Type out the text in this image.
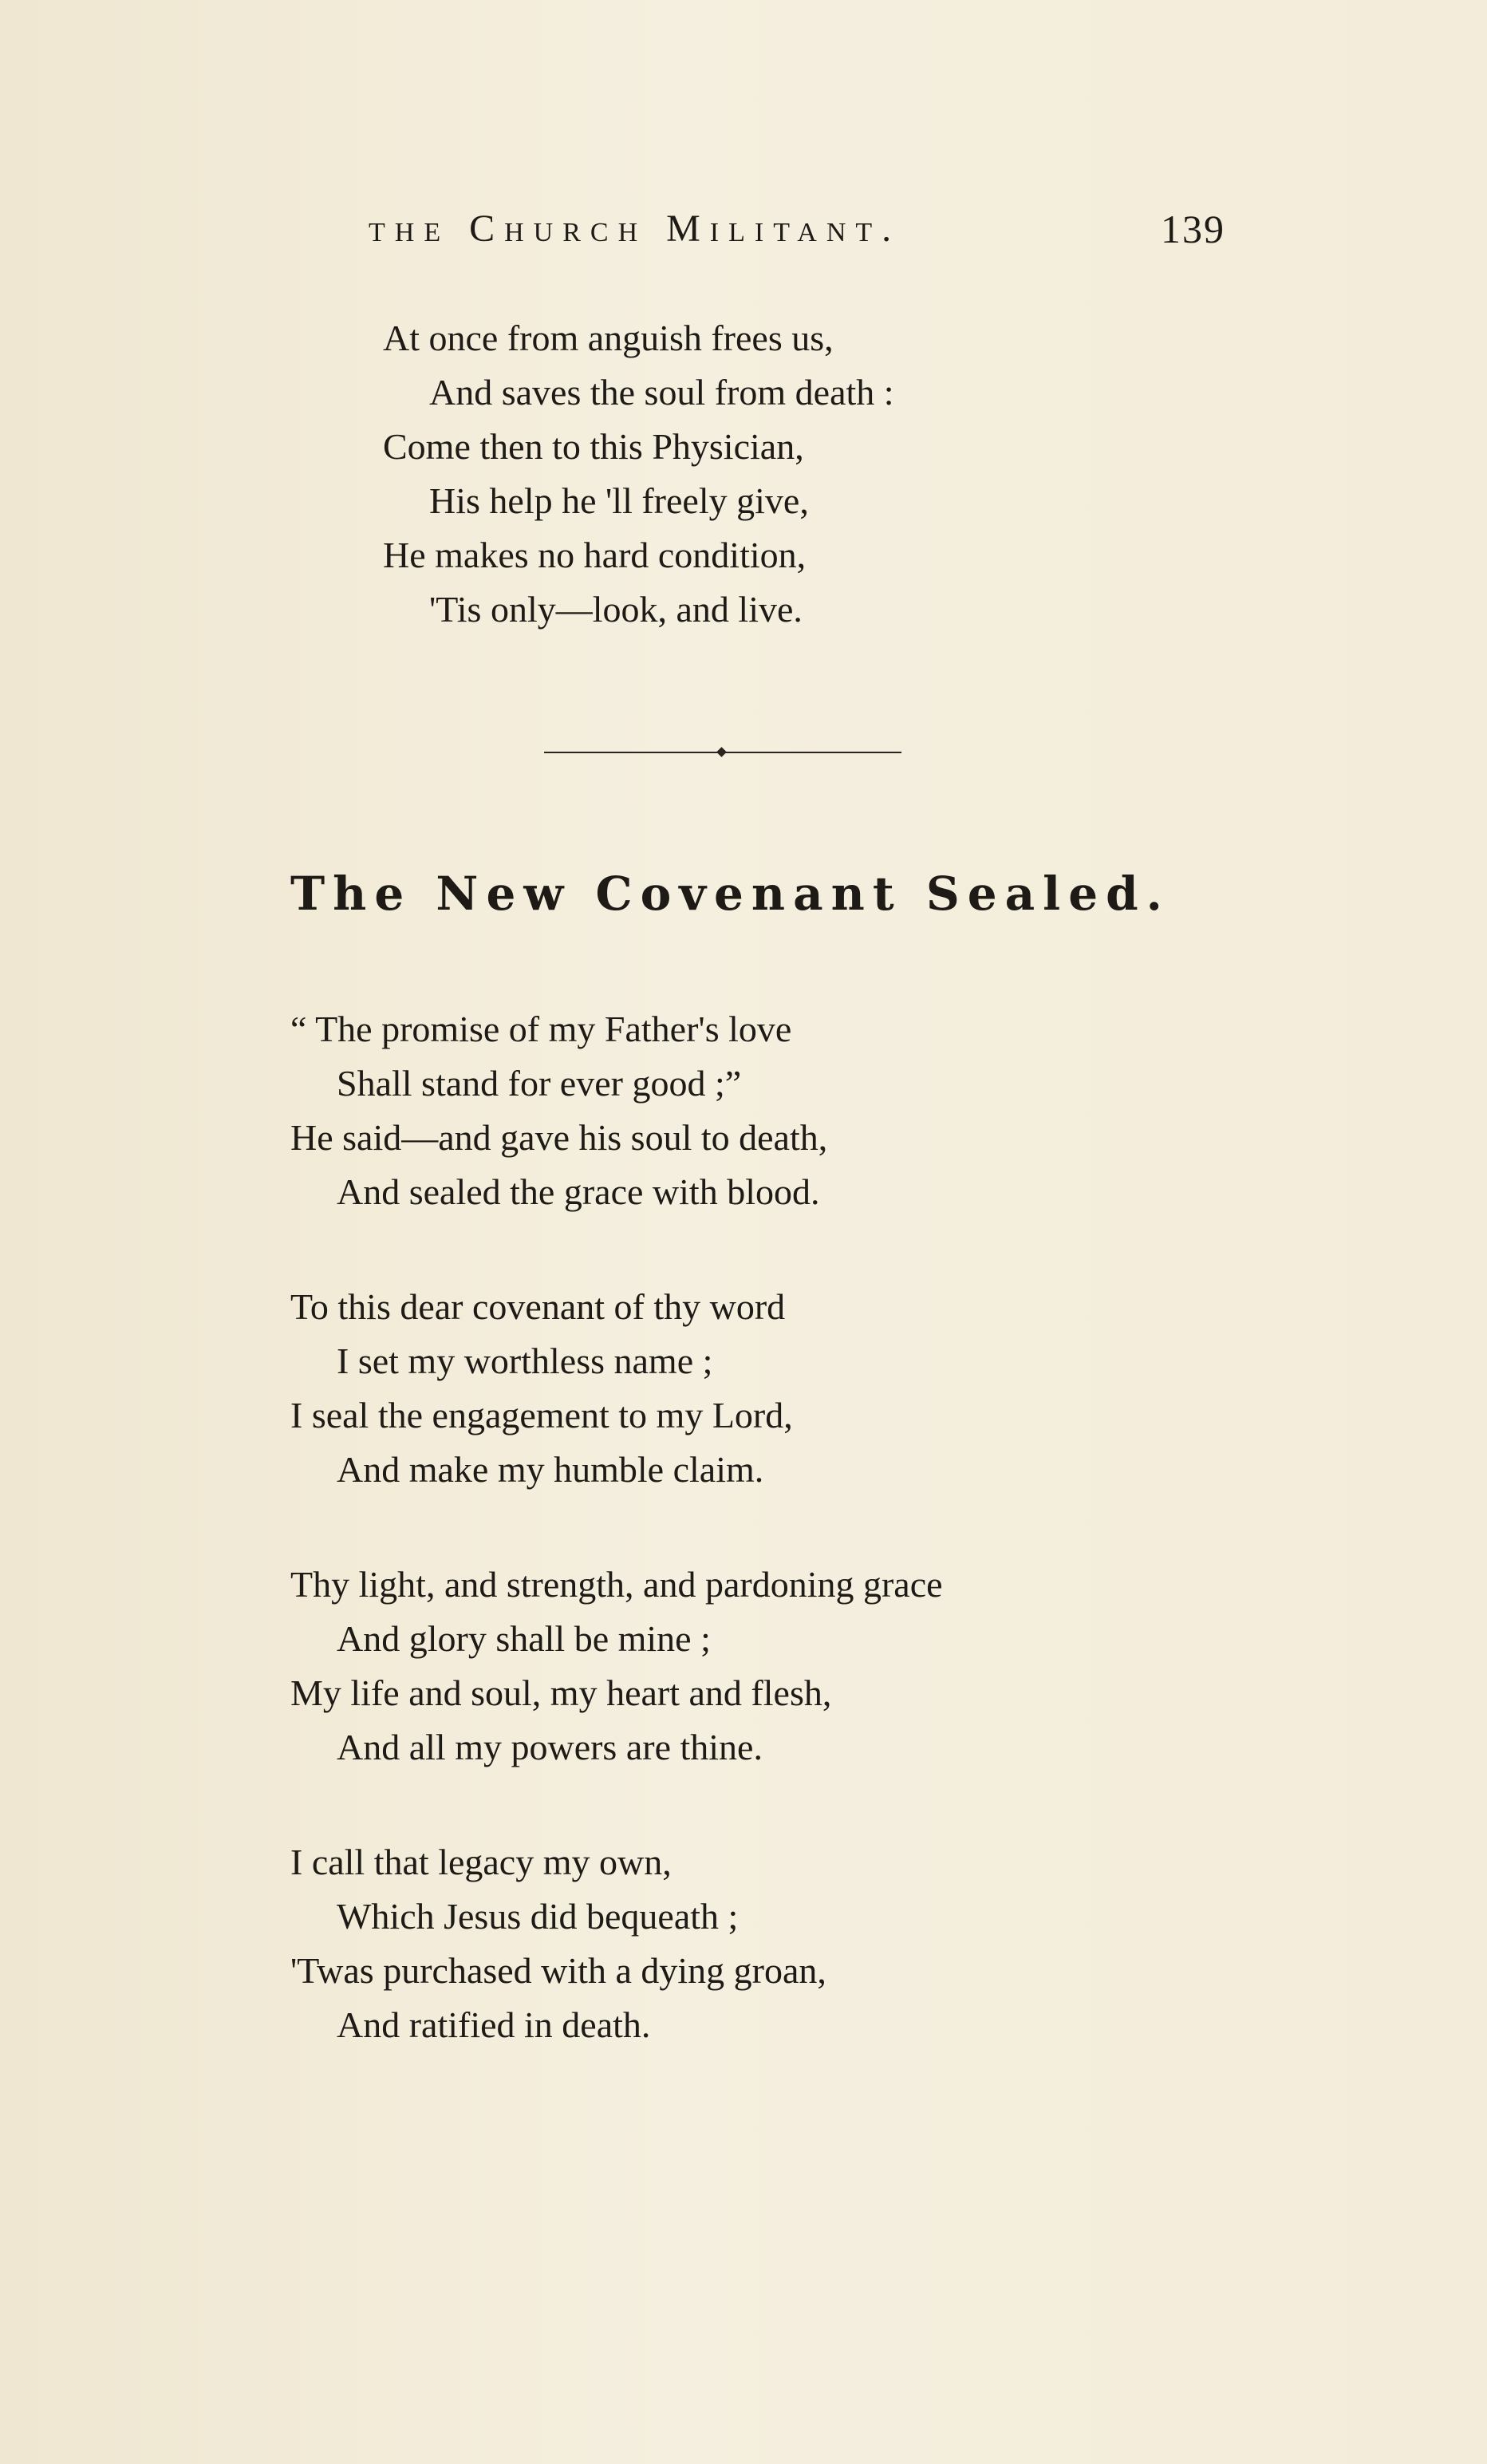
the Church Militant.	139
At once from anguish frees us,
And saves the soul from death :
Come then to this Physician,
His help he 'll freely give,
He makes no hard condition,
'Tis only—look, and live.
The New Covenant Sealed.
“ The promise of my Father's love
Shall stand for ever good ;”
He said—and gave his soul to death,
And sealed the grace with blood.
To this dear covenant of thy word
I set my worthless name ;
I seal the engagement to my Lord,
And make my humble claim.
Thy light, and strength, and pardoning grace
And glory shall be mine ;
My life and soul, my heart and flesh,
And all my powers are thine.
I call that legacy my own,
Which Jesus did bequeath ;
'Twas purchased with a dying groan,
And ratified in death.
